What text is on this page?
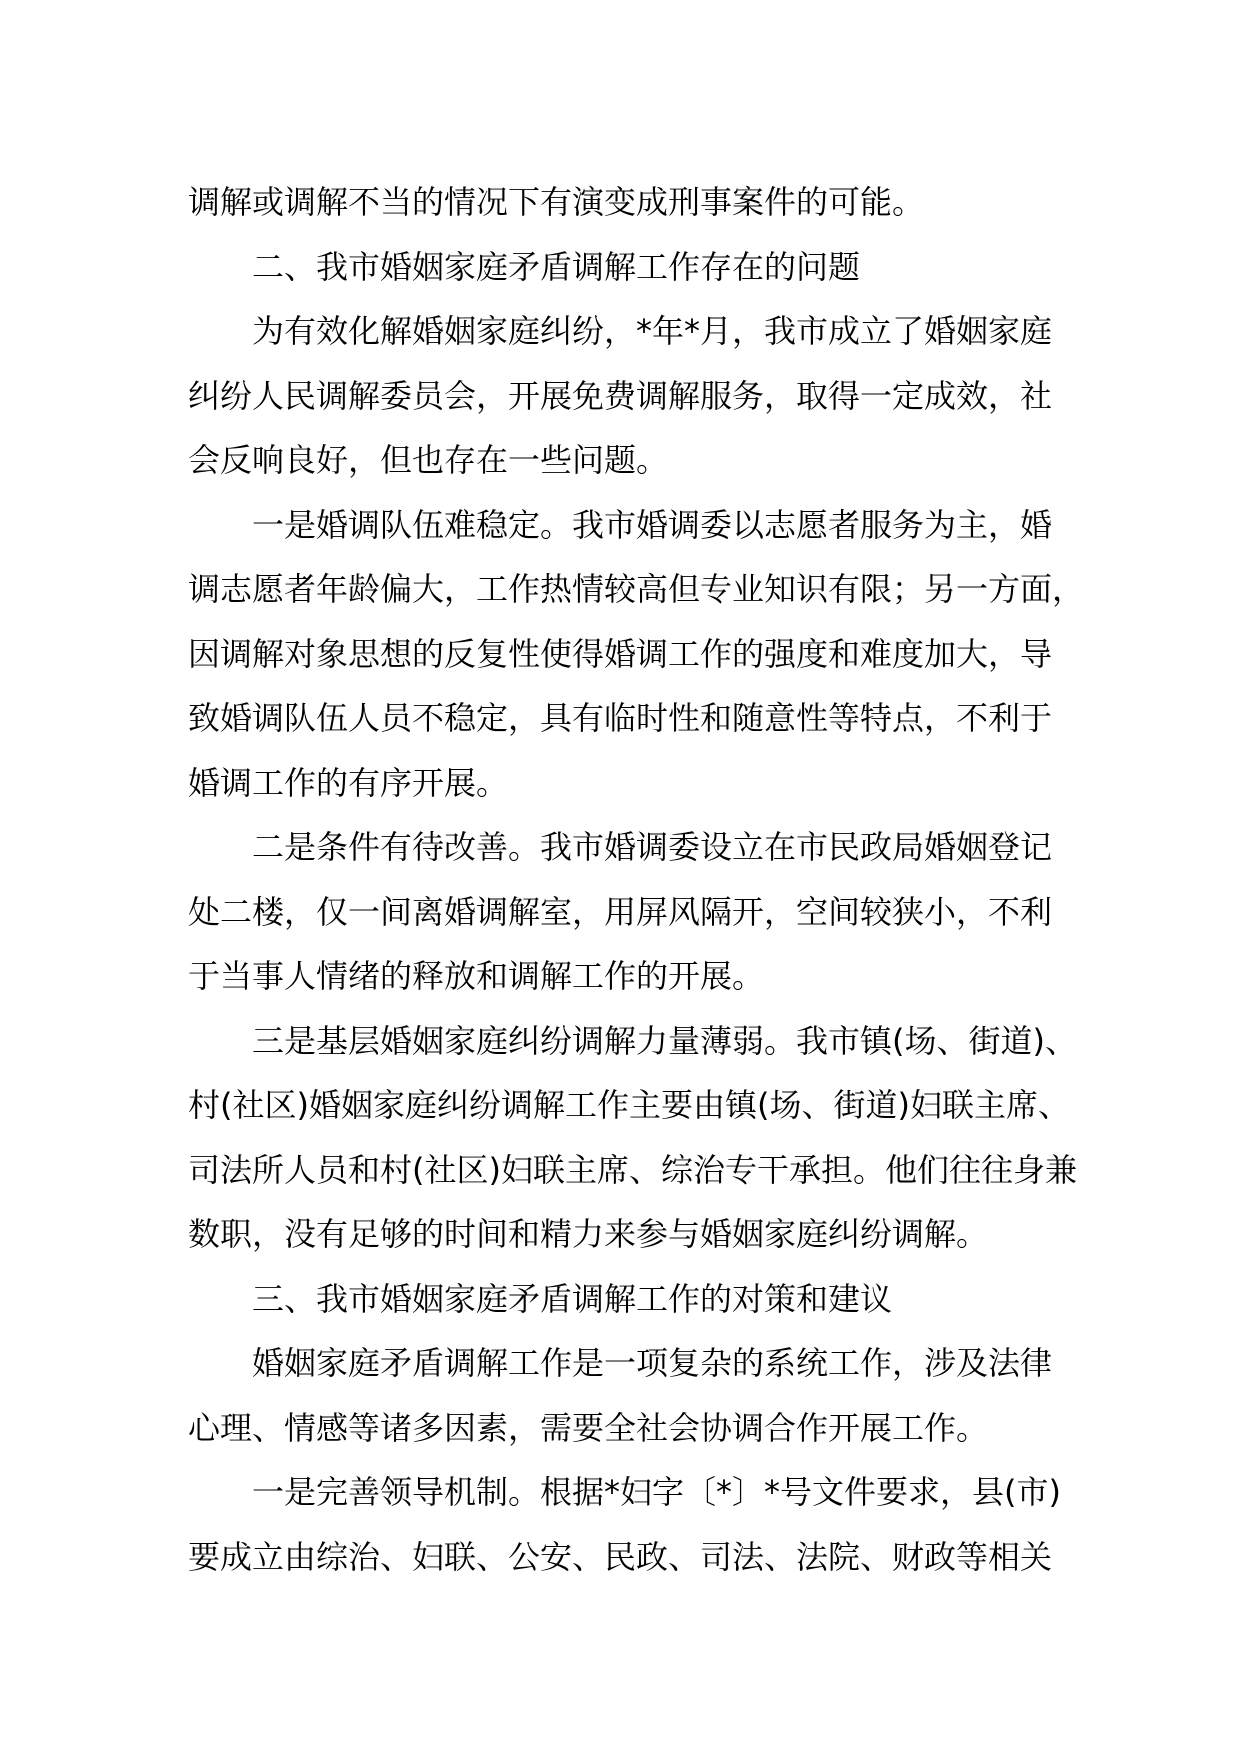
调解或调解不当的情况下有演变成刑事案件的可能。
二、我市婚姻家庭矛盾调解工作存在的问题
为有效化解婚姻家庭纠纷，*年*月，我市成立了婚姻家庭
纠纷人民调解委员会，开展免费调解服务，取得一定成效，社
会反响良好，但也存在一些问题。
一是婚调队伍难稳定。我市婚调委以志愿者服务为主，婚
调志愿者年龄偏大，工作热情较高但专业知识有限；另一方面，
因调解对象思想的反复性使得婚调工作的强度和难度加大，导
致婚调队伍人员不稳定，具有临时性和随意性等特点，不利于
婚调工作的有序开展。
二是条件有待改善。我市婚调委设立在市民政局婚姻登记
处二楼，仅一间离婚调解室，用屏风隔开，空间较狭小，不利
于当事人情绪的释放和调解工作的开展。
三是基层婚姻家庭纠纷调解力量薄弱。我市镇(场、街道)、
村(社区)婚姻家庭纠纷调解工作主要由镇(场、街道)妇联主席、
司法所人员和村(社区)妇联主席、综治专干承担。他们往往身兼
数职，没有足够的时间和精力来参与婚姻家庭纠纷调解。
三、我市婚姻家庭矛盾调解工作的对策和建议
婚姻家庭矛盾调解工作是一项复杂的系统工作，涉及法律
心理、情感等诸多因素，需要全社会协调合作开展工作。
一是完善领导机制。根据*妇字〔*〕*号文件要求，县(市)
要成立由综治、妇联、公安、民政、司法、法院、财政等相关
